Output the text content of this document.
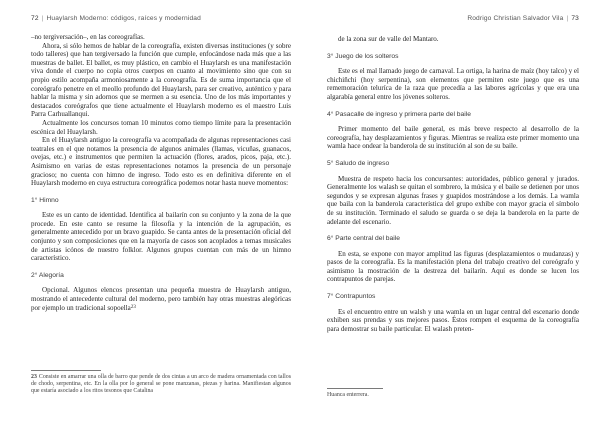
72 | Huaylarsh Moderno: códigos, raíces y modernidad

–no tergiversación–, en las coreografías.

Ahora, si sólo hemos de hablar de la coreografía, existen diversas instituciones (y sobre todo talleres) que han tergiversado la función que cumple, enfocándose nada más que a las muestras de ballet. El ballet, es muy plástico, en cambio el Huaylarsh es una manifestación viva donde el cuerpo no copia otros cuerpos en cuanto al movimiento sino que con su propio estilo acompaña armoniosamente a la coreografía. Es de suma importancia que el coreógrafo penetre en el meollo profundo del Huaylarsh, para ser creativo, auténtico y para hablar la misma y sin adornos que se mermen a su esencia. Uno de los más importantes y destacados coreógrafos que tiene actualmente el Huaylarsh moderno es el maestro Luis Parra Carhuallanqui.

Actualmente los concursos toman 10 minutos como tiempo límite para la presentación escénica del Huaylarsh.

En el Huaylarsh antiguo la coreografía va acompañada de algunas representaciones casi teatrales en el que notamos la presencia de algunos animales (llamas, vicuñas, guanacos, ovejas, etc.) e instrumentos que permiten la actuación (flores, arados, picos, paja, etc.). Asimismo en varias de estas representaciones notamos la presencia de un personaje gracioso; no cuenta con himno de ingreso. Todo esto es en definitiva diferente en el Huaylarsh moderno en cuya estructura coreográfica podemos notar hasta nueve momentos:

1° Himno

Este es un canto de identidad. Identifica al bailarín con su conjunto y la zona de la que procede. En este canto se resume la filosofía y la intención de la agrupación, es generalmente antecedido por un bravo guapido. Se canta antes de la presentación oficial del conjunto y son composiciones que en la mayoría de casos son acoplados a temas musicales de artistas icónos de nuestro folklor. Algunos grupos cuentan con más de un himno característico.

2° Alegoría

Opcional. Algunos elencos presentan una pequeña muestra de Huaylarsh antiguo, mostrando el antecedente cultural del moderno, pero también hay otras muestras alegóricas por ejemplo un tradicional sopoella$^{23}$

23 Consiste en amarrar una olla de barro que pende de dos cintas a un arco de madera ornamentada con tallos de chodo, serpentina, etc. En la olla por lo general se pone manzanas, piezas y harina. Manifiestan algunos que estaría asociado a los ritos tesonos que Catalina
Rodrigo Christian Salvador Vila | 73

de la zona sur de valle del Mantaro.

3° Juego de los solteros

Este es el mal llamado juego de carnaval. La ortiga, la harina de maíz (hoy talco) y el chichiñchi (hoy serpentina), son elementos que permiten este juego que es una rememoración teluríca de la raza que precedía a las labores agrícolas y que era una algarabía general entre los jóvenes solteros.

4° Pasacalle de ingreso y primera parte del baile

Primer momento del baile general, es más breve respecto al desarrollo de la coreografía, hay desplazamientos y figuras. Mientras se realiza este primer momento una wamla hace ondear la banderola de su institución al son de su baile.

5° Saludo de ingreso

Muestra de respeto hacia los concursantes: autoridades, público general y jurados. Generalmente los walash se quitan el sombrero, la música y el baile se detienen por unos segundos y se expresan algunas frases y guapidos mostrándose a los demás. La wamla que baila con la banderola característica del grupo exhibe con mayor gracia el símbolo de su institución. Terminado el saludo se guarda o se deja la banderola en la parte de adelante del escenario.

6° Parte central del baile

En esta, se expone con mayor amplitud las figuras (desplazamientos o mudanzas) y pasos de la coreografía. Es la manifestación plena del trabajo creativo del coreógrafo y asimismo la mostración de la destreza del bailarín. Aquí es donde se lucen los contrapuntos de parejas.

7° Contrapuntos

Es el encuentro entre un walsh y una wamla en un lugar central del escenario donde exhiben sus prendas y sus mejores pasos. Éstos rompen el esquema de la coreografía para demostrar su baile particular. El walash preten-

Huanca enterrera.
